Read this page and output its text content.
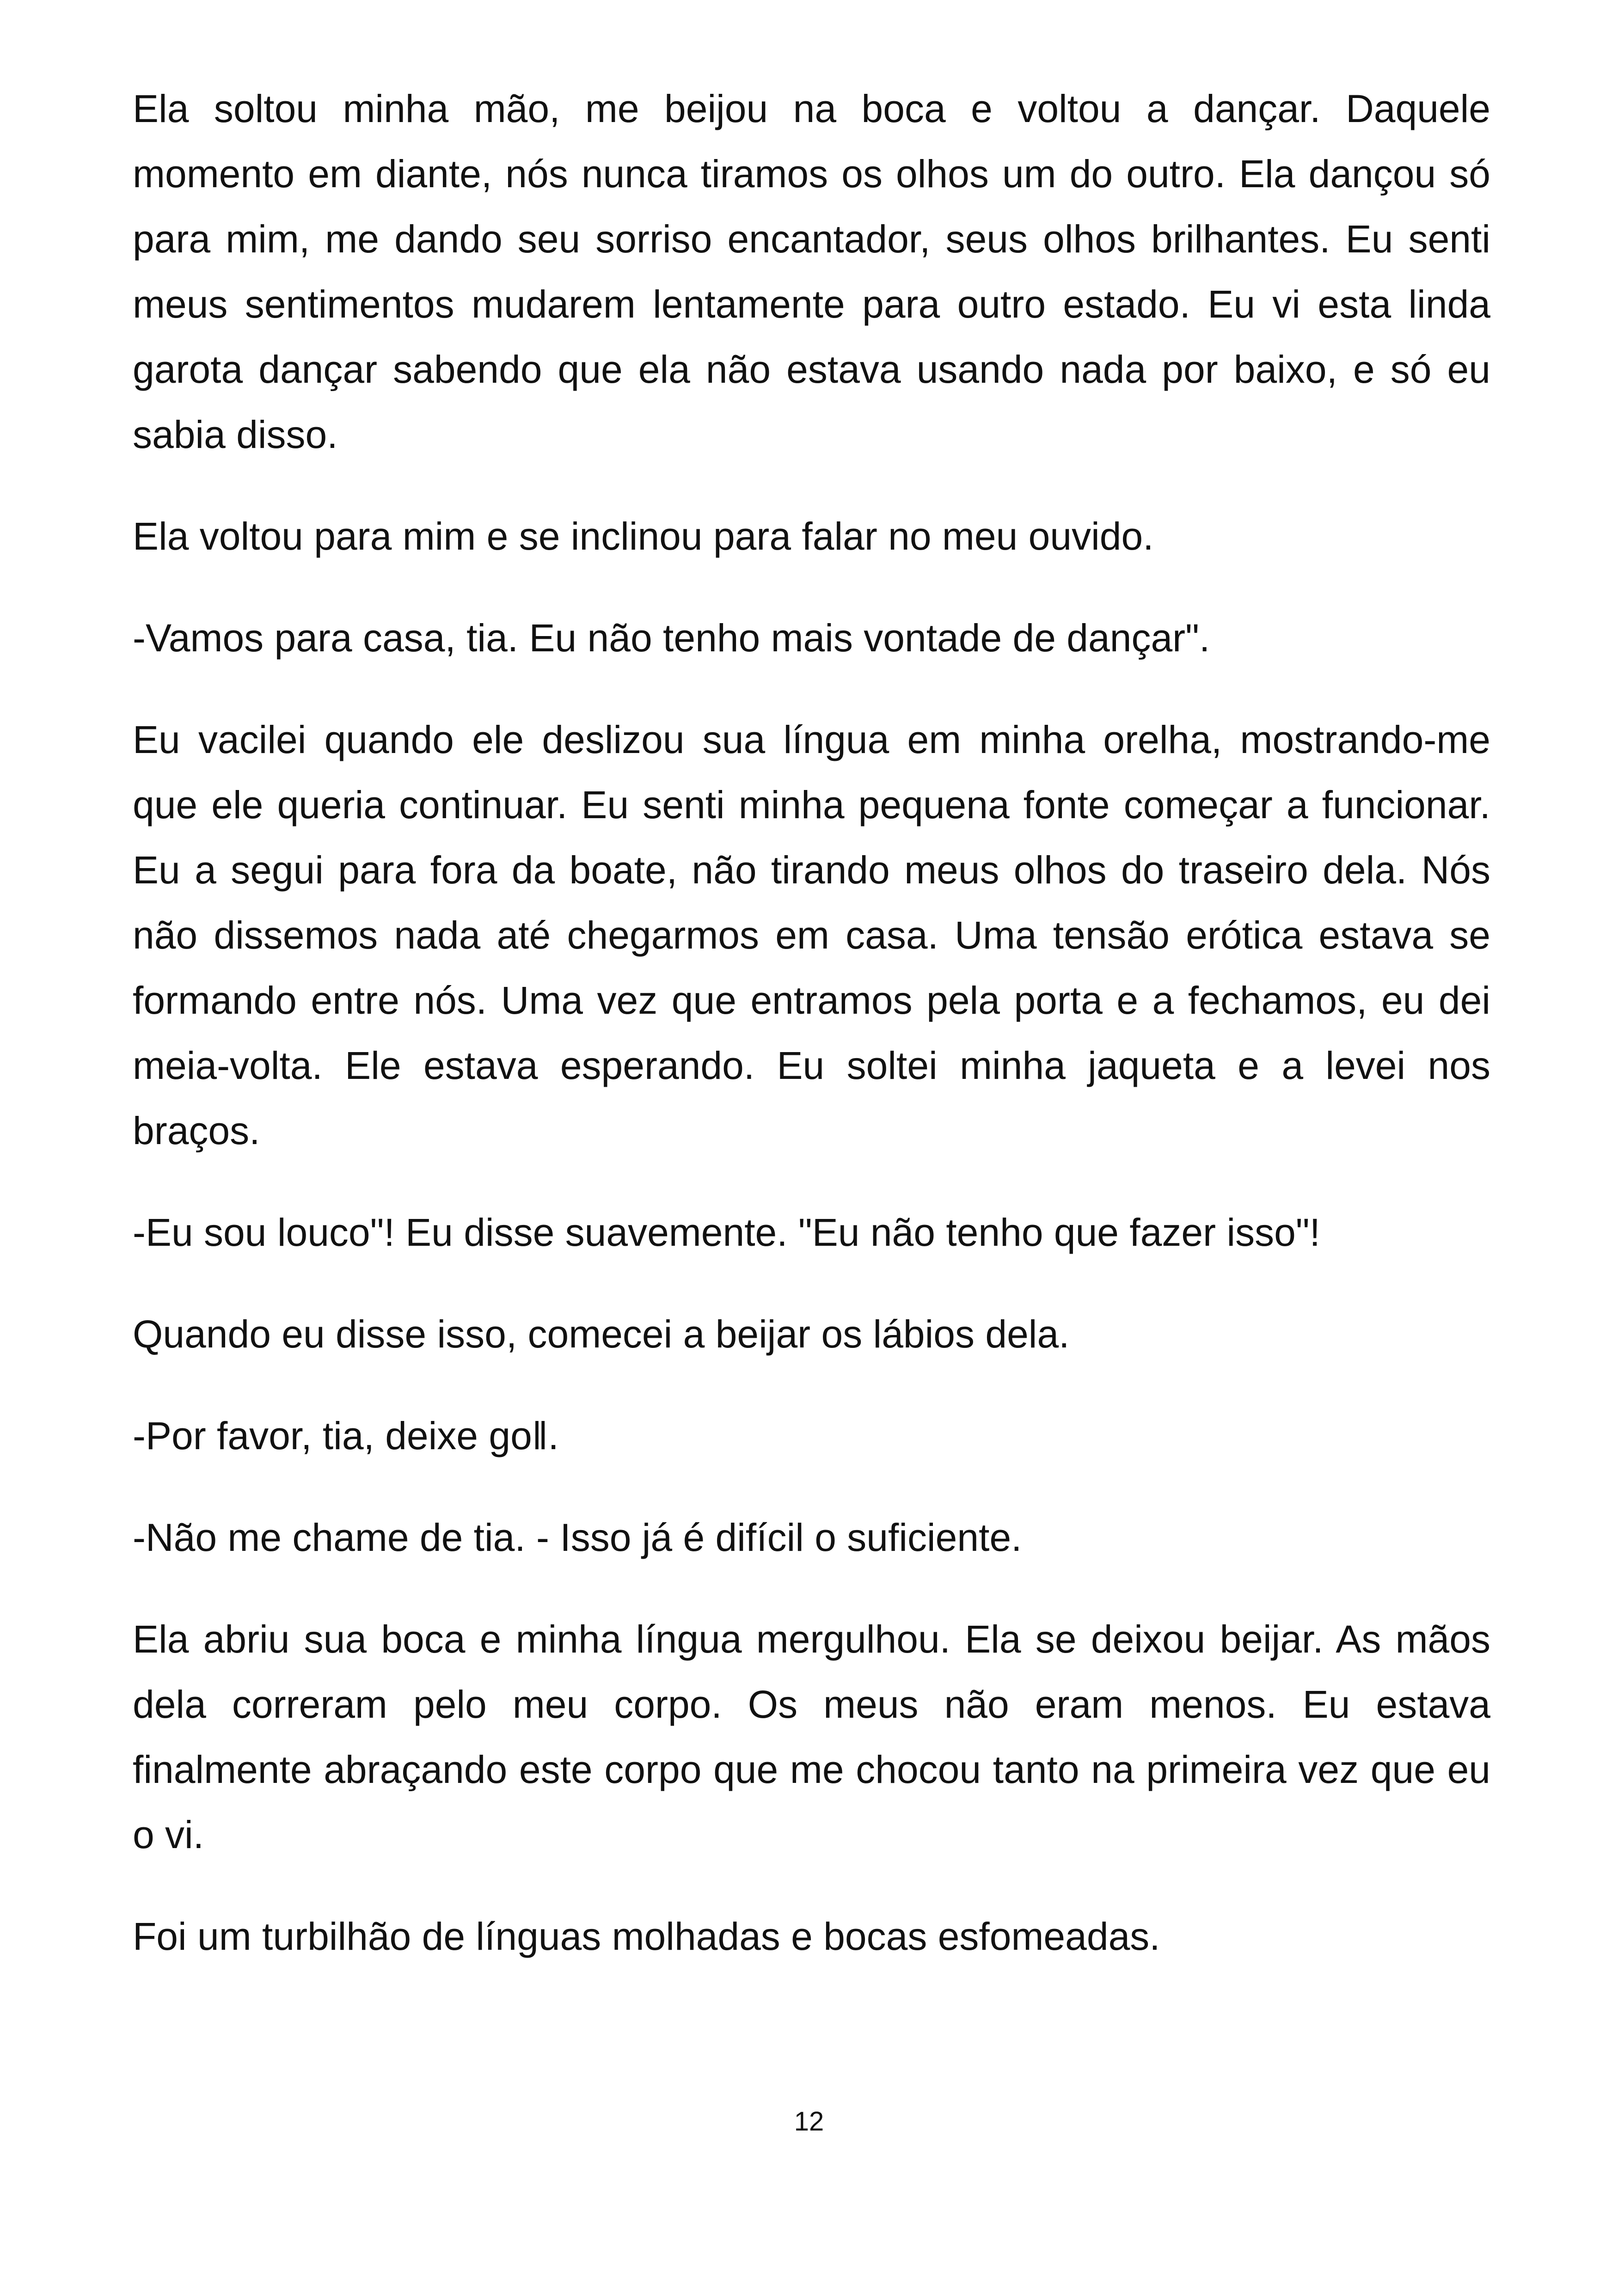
Ela soltou minha mão, me beijou na boca e voltou a dançar. Daquele momento em diante, nós nunca tiramos os olhos um do outro. Ela dançou só para mim, me dando seu sorriso encantador, seus olhos brilhantes. Eu senti meus sentimentos mudarem lentamente para outro estado. Eu vi esta linda garota dançar sabendo que ela não estava usando nada por baixo, e só eu sabia disso.

Ela voltou para mim e se inclinou para falar no meu ouvido.

-Vamos para casa, tia. Eu não tenho mais vontade de dançar".

Eu vacilei quando ele deslizou sua língua em minha orelha, mostrando-me que ele queria continuar. Eu senti minha pequena fonte começar a funcionar. Eu a segui para fora da boate, não tirando meus olhos do traseiro dela. Nós não dissemos nada até chegarmos em casa. Uma tensão erótica estava se formando entre nós. Uma vez que entramos pela porta e a fechamos, eu dei meia-volta. Ele estava esperando. Eu soltei minha jaqueta e a levei nos braços.

-Eu sou louco"! Eu disse suavemente. "Eu não tenho que fazer isso"!

Quando eu disse isso, comecei a beijar os lábios dela.

-Por favor, tia, deixe go‖.

-Não me chame de tia. - Isso já é difícil o suficiente.

Ela abriu sua boca e minha língua mergulhou. Ela se deixou beijar. As mãos dela correram pelo meu corpo. Os meus não eram menos. Eu estava finalmente abraçando este corpo que me chocou tanto na primeira vez que eu o vi.

Foi um turbilhão de línguas molhadas e bocas esfomeadas.

12
